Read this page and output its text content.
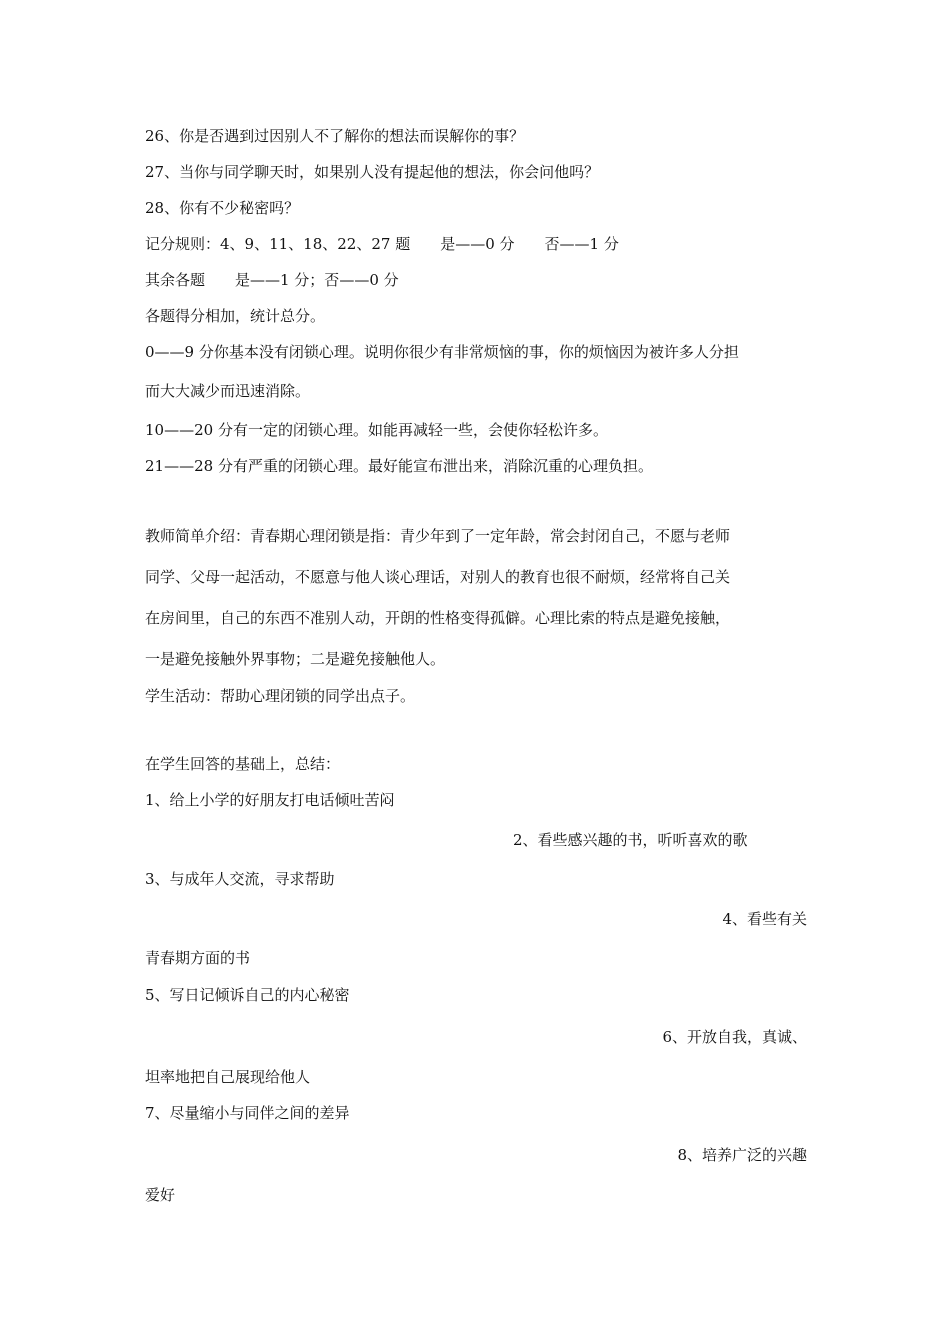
26、你是否遇到过因别人不了解你的想法而误解你的事？
27、当你与同学聊天时，如果别人没有提起他的想法，你会问他吗？
28、你有不少秘密吗？
记分规则：4、9、11、18、22、27 题　　是——0 分　　否——1 分
其余各题　　是——1 分；否——0 分
各题得分相加，统计总分。
0——9 分你基本没有闭锁心理。说明你很少有非常烦恼的事，你的烦恼因为被许多人分担
而大大减少而迅速消除。
10——20 分有一定的闭锁心理。如能再减轻一些，会使你轻松许多。
21——28 分有严重的闭锁心理。最好能宣布泄出来，消除沉重的心理负担。
教师简单介绍：青春期心理闭锁是指：青少年到了一定年龄，常会封闭自己，不愿与老师
同学、父母一起活动，不愿意与他人谈心理话，对别人的教育也很不耐烦，经常将自己关
在房间里，自己的东西不准别人动，开朗的性格变得孤僻。心理比索的特点是避免接触，
一是避免接触外界事物；二是避免接触他人。
学生活动：帮助心理闭锁的同学出点子。
在学生回答的基础上，总结：
1、给上小学的好朋友打电话倾吐苦闷
2、看些感兴趣的书，听听喜欢的歌
3、与成年人交流，寻求帮助
4、看些有关
青春期方面的书
5、写日记倾诉自己的内心秘密
6、开放自我，真诚、
坦率地把自己展现给他人
7、尽量缩小与同伴之间的差异
8、培养广泛的兴趣
爱好
